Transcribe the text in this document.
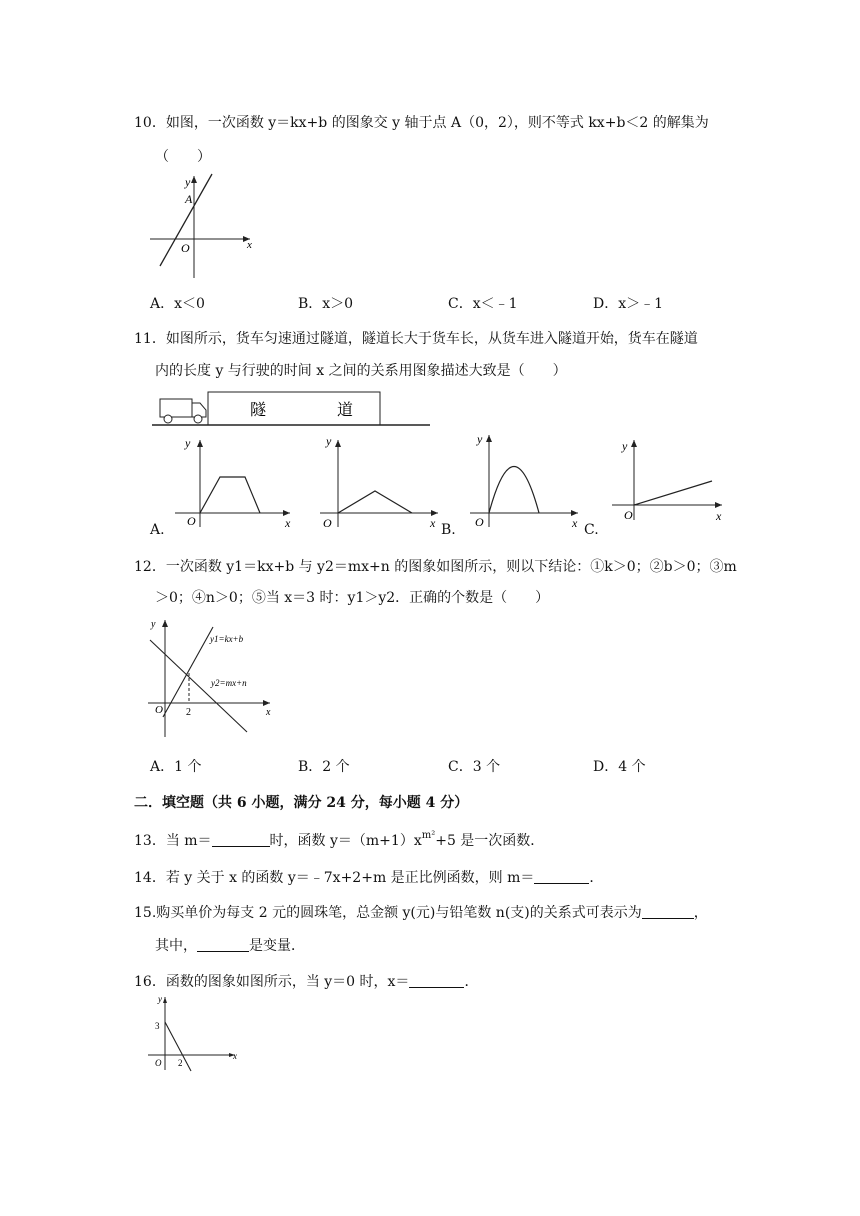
10．如图，一次函数 y＝kx+b 的图象交 y 轴于点 A（0，2），则不等式 kx+b＜2 的解集为
（　　）
y
A
x
O
A．x＜0	B．x＞0	C．x＜﹣1	D．x＞﹣1
11．如图所示，货车匀速通过隧道，隧道长大于货车长，从货车进入隧道开始，货车在隧道
内的长度 y 与行驶的时间 x 之间的关系用图象描述大致是（　　）
隧	道
y
O	x
A.
y
O	x B.
y
O	x C.
y
O	x
12．一次函数 y1＝kx+b 与 y2＝mx+n 的图象如图所示，则以下结论：①k＞0；②b＞0；③m
＞0；④n＞0；⑤当 x＝3 时：y1＞y2．正确的个数是（　　）
y
O 2	x
y1=kx+b
y2=mx+n
A．1 个	B．2 个	C．3 个	D．4 个
二．填空题（共 6 小题，满分 24 分，每小题 4 分）
13．当 m＝	时，函数 $y=(m+1)x^{m^2}+5$ 是一次函数．
14．若 y 关于 x 的函数 y＝﹣7x+2+m 是正比例函数，则 m＝	．
15.购买单价为每支 2 元的圆珠笔，总金额 y(元)与铅笔数 n(支)的关系式可表示为	，
其中，	是变量．
16．函数的图象如图所示，当 y＝0 时，x＝	．
y
3
O 2
x
